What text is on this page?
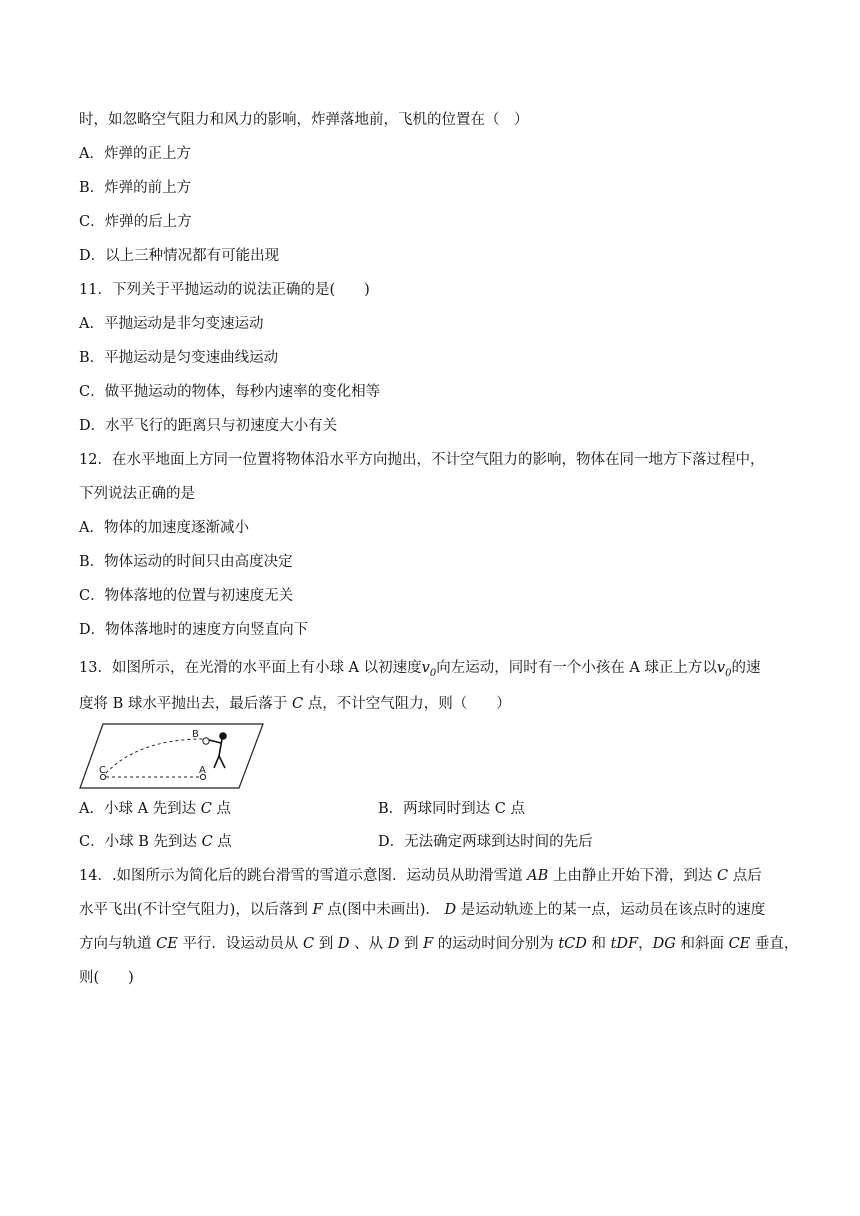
时，如忽略空气阻力和风力的影响，炸弹落地前，飞机的位置在（　）
A．炸弹的正上方
B．炸弹的前上方
C．炸弹的后上方
D．以上三种情况都有可能出现
11．下列关于平抛运动的说法正确的是(　　)
A．平抛运动是非匀变速运动
B．平抛运动是匀变速曲线运动
C．做平抛运动的物体，每秒内速率的变化相等
D．水平飞行的距离只与初速度大小有关
12．在水平地面上方同一位置将物体沿水平方向抛出，不计空气阻力的影响，物体在同一地方下落过程中，
下列说法正确的是
A．物体的加速度逐渐减小
B．物体运动的时间只由高度决定
C．物体落地的位置与初速度无关
D．物体落地时的速度方向竖直向下
13．如图所示，在光滑的水平面上有小球 A 以初速度$v_0$向左运动，同时有一个小孩在 A 球正上方以$v_0$的速
度将 B 球水平抛出去，最后落于 C 点，不计空气阻力，则（　　）
B
C	A
A．小球 A 先到达 C 点	B．两球同时到达 C 点
C．小球 B 先到达 C 点	D．无法确定两球到达时间的先后
14．.如图所示为简化后的跳台滑雪的雪道示意图．运动员从助滑雪道 AB 上由静止开始下滑，到达 C 点后
水平飞出(不计空气阻力)，以后落到 F 点(图中未画出)． D 是运动轨迹上的某一点，运动员在该点时的速度
方向与轨道 CE 平行．设运动员从 C 到 D 、从 D 到 F 的运动时间分别为 tCD 和 tDF，DG 和斜面 CE 垂直，
则(　　)
